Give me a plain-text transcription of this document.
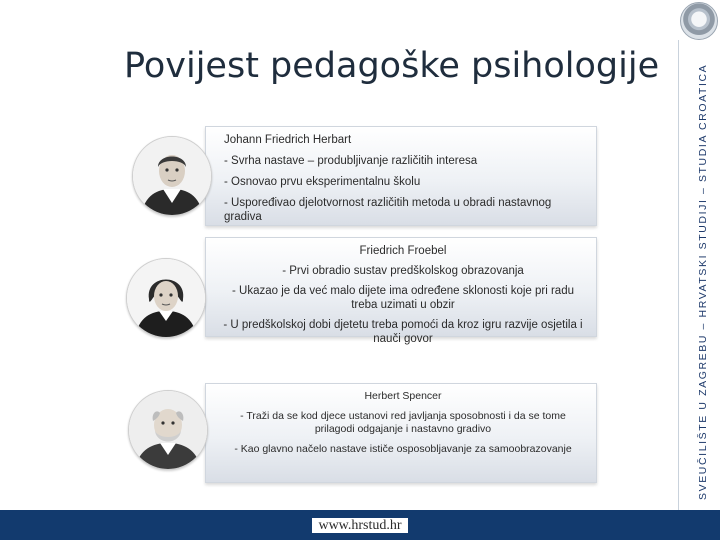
Povijest pedagoške psihologije	SVEUČILIŠTE U ZAGREBU – HRVATSKI STUDIJI – STUDIA CROATICA

Johann Friedrich Herbart

- Svrha nastave – produbljivanje različitih interesa

- Osnovao prvu eksperimentalnu školu

- Uspoređivao djelotvornost različitih metoda u obradi nastavnog gradiva

Friedrich Froebel

- Prvi obradio sustav predškolskog obrazovanja

- Ukazao je da već malo dijete ima određene sklonosti koje pri radu treba uzimati u obzir

- U predškolskoj dobi djetetu treba pomoći da kroz igru razvije osjetila i nauči govor

Herbert Spencer

- Traži da se kod djece ustanovi red javljanja sposobnosti i da se tome prilagodi odgajanje i nastavno gradivo

- Kao glavno načelo nastave ističe osposobljavanje za samoobrazovanje

www.hrstud.hr
